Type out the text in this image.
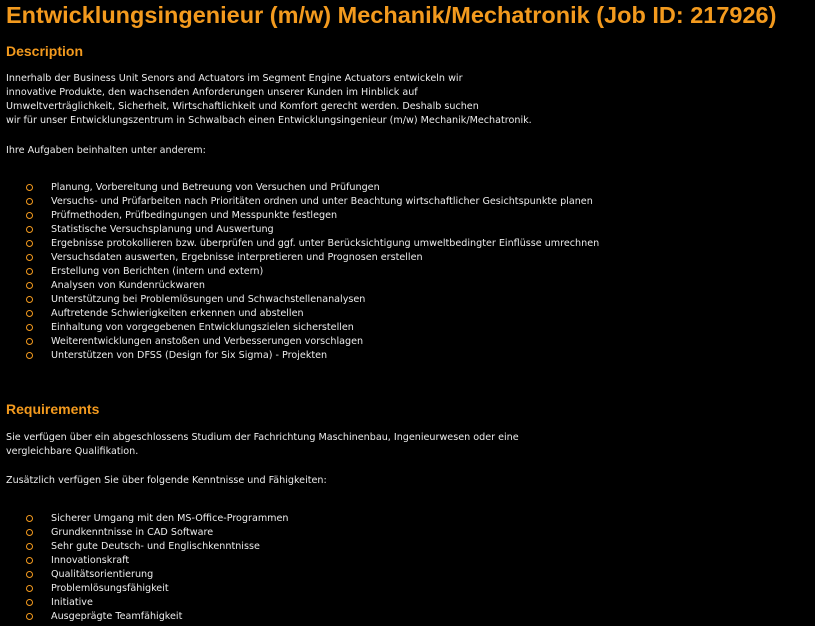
Entwicklungsingenieur (m/w) Mechanik/Mechatronik (Job ID: 217926)
Description

Innerhalb der Business Unit Senors and Actuators im Segment Engine Actuators entwickeln wir

innovative Produkte, den wachsenden Anforderungen unserer Kunden im Hinblick auf

Umweltverträglichkeit, Sicherheit, Wirtschaftlichkeit und Komfort gerecht werden. Deshalb suchen

wir für unser Entwicklungszentrum in Schwalbach einen Entwicklungsingenieur (m/w) Mechanik/Mechatronik.

Ihre Aufgaben beinhalten unter anderem:

Planung, Vorbereitung und Betreuung von Versuchen und Prüfungen
Versuchs- und Prüfarbeiten nach Prioritäten ordnen und unter Beachtung wirtschaftlicher Gesichtspunkte planen
Prüfmethoden, Prüfbedingungen und Messpunkte festlegen
Statistische Versuchsplanung und Auswertung
Ergebnisse protokollieren bzw. überprüfen und ggf. unter Berücksichtigung umweltbedingter Einflüsse umrechnen
Versuchsdaten auswerten, Ergebnisse interpretieren und Prognosen erstellen
Erstellung von Berichten (intern und extern)
Analysen von Kundenrückwaren
Unterstützung bei Problemlösungen und Schwachstellenanalysen
Auftretende Schwierigkeiten erkennen und abstellen
Einhaltung von vorgegebenen Entwicklungszielen sicherstellen
Weiterentwicklungen anstoßen und Verbesserungen vorschlagen
Unterstützen von DFSS (Design for Six Sigma) - Projekten
Requirements

Sie verfügen über ein abgeschlossens Studium der Fachrichtung Maschinenbau, Ingenieurwesen oder eine

vergleichbare Qualifikation.

Zusätzlich verfügen Sie über folgende Kenntnisse und Fähigkeiten:

Sicherer Umgang mit den MS-Office-Programmen
Grundkenntnisse in CAD Software
Sehr gute Deutsch- und Englischkenntnisse
Innovationskraft
Qualitätsorientierung
Problemlösungsfähigkeit
Initiative
Ausgeprägte Teamfähigkeit
